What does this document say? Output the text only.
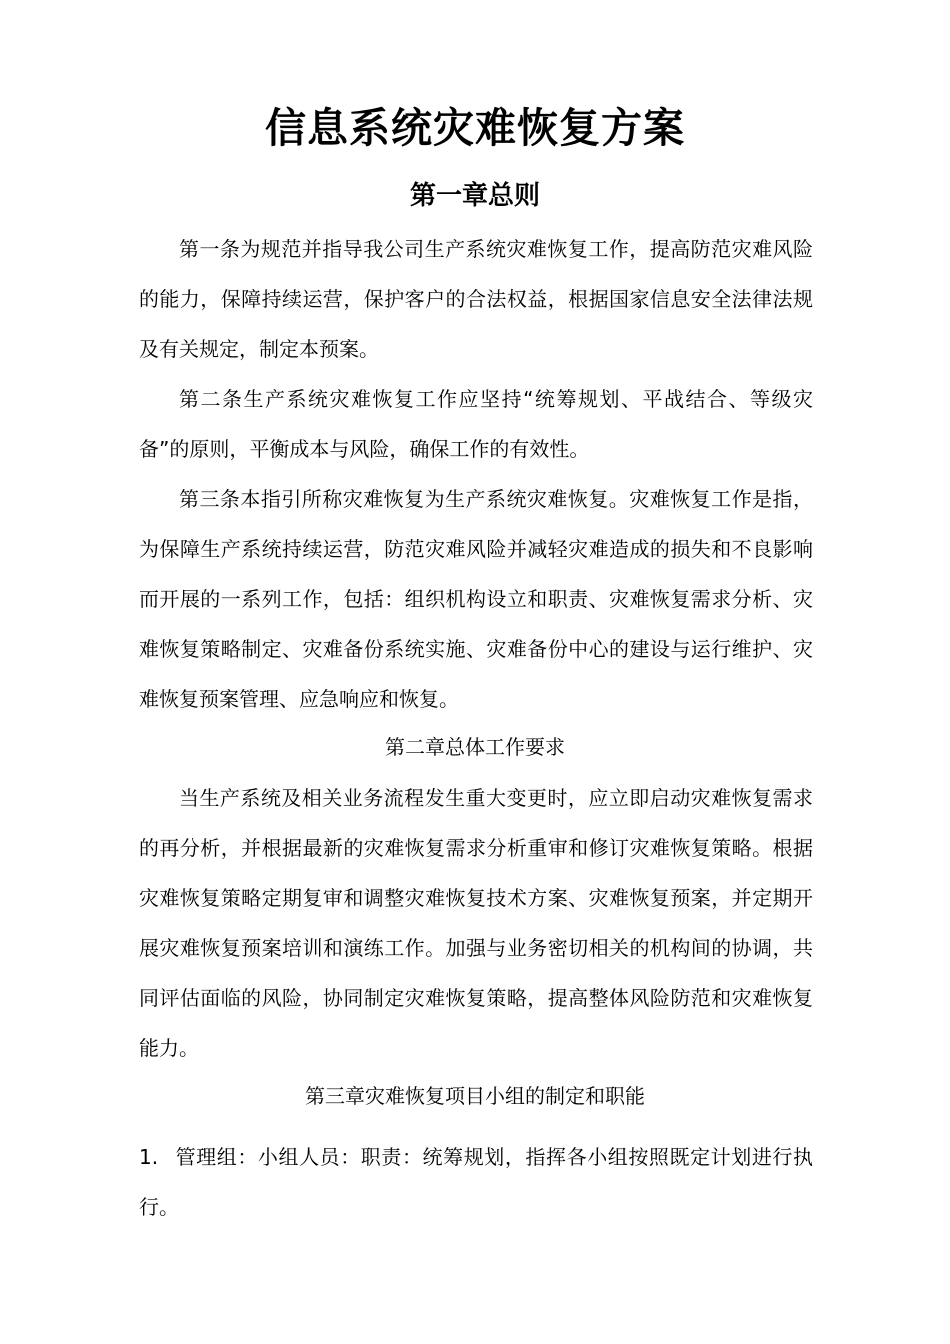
信息系统灾难恢复方案
第一章总则

第一条为规范并指导我公司生产系统灾难恢复工作，提高防范灾难风险的能力，保障持续运营，保护客户的合法权益，根据国家信息安全法律法规及有关规定，制定本预案。

第二条生产系统灾难恢复工作应坚持“统筹规划、平战结合、等级灾备”的原则，平衡成本与风险，确保工作的有效性。

第三条本指引所称灾难恢复为生产系统灾难恢复。灾难恢复工作是指，为保障生产系统持续运营，防范灾难风险并减轻灾难造成的损失和不良影响而开展的一系列工作，包括：组织机构设立和职责、灾难恢复需求分析、灾难恢复策略制定、灾难备份系统实施、灾难备份中心的建设与运行维护、灾难恢复预案管理、应急响应和恢复。

第二章总体工作要求

当生产系统及相关业务流程发生重大变更时，应立即启动灾难恢复需求的再分析，并根据最新的灾难恢复需求分析重审和修订灾难恢复策略。根据灾难恢复策略定期复审和调整灾难恢复技术方案、灾难恢复预案，并定期开展灾难恢复预案培训和演练工作。加强与业务密切相关的机构间的协调，共同评估面临的风险，协同制定灾难恢复策略，提高整体风险防范和灾难恢复能力。

第三章灾难恢复项目小组的制定和职能

1. 管理组：小组人员：职责：统筹规划，指挥各小组按照既定计划进行执行。
